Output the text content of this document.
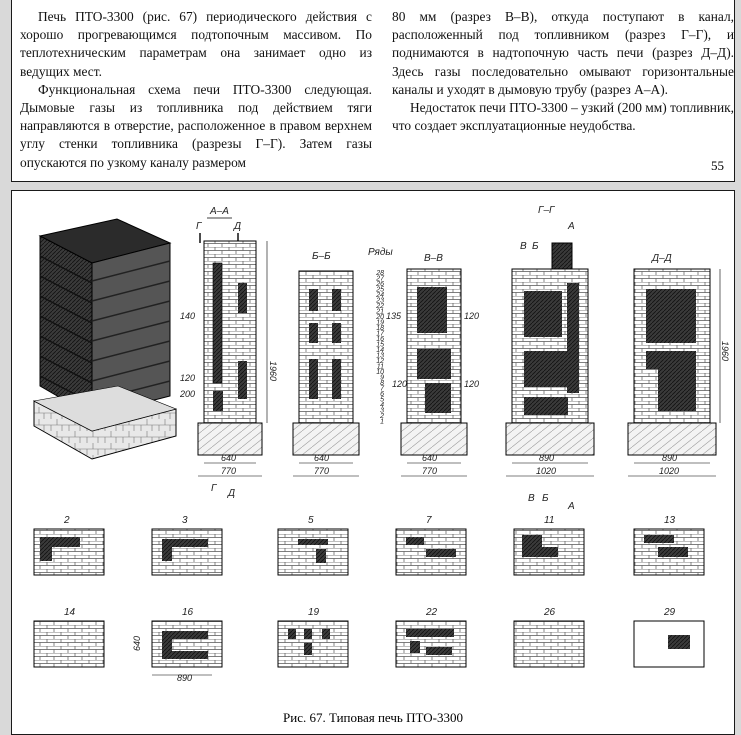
Печь ПТО-3300 (рис. 67) периодического действия с хорошо прогревающимся подтопочным массивом. По теплотехническим параметрам она занимает одно из ведущих мест.

Функциональная схема печи ПТО-3300 следующая. Дымовые газы из топливника под действием тяги направляются в отверстие, расположенное в правом верхнем углу стенки топливника (разрезы Г–Г). Затем газы опускаются по узкому каналу размером

80 мм (разрез В–В), откуда поступают в канал, расположенный под топливником (разрез Г–Г), и поднимаются в надтопочную часть печи (разрез Д–Д). Здесь газы последовательно омывают горизонтальные каналы и уходят в дымовую трубу (разрез А–А).

Недостаток печи ПТО-3300 – узкий (200 мм) топливник, что создает эксплуатационные неудобства.

55
А–А
Г	Д
140
120
200
1960
640
770
Г Д
Б–Б
640
770
Ряды
28
27
26
25
24
23
22
21
20
19
18
17
16
15
14
13
12
11
10
9
8
7
6
5
4
3
2
1
В–В
135	120
120	120
640
770
Г–Г
В Б
А
890
1020
В Б
А
Д–Д
1960
890
1020
2	3	5	7	11	13
14	16	19	22	26	29
640
890
Рис. 67. Типовая печь ПТО-3300
